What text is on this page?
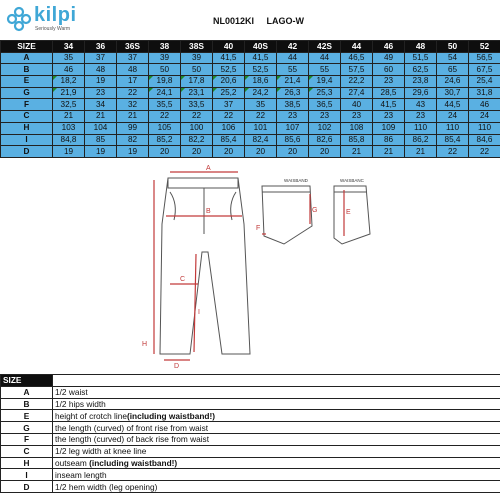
kilpi
Seriously Warm
NL0012KI LAGO-W
SIZE	34	36	36S	38	38S	40	40S	42	42S	44	46	48	50	52
A	35	37	37	39	39	41,5	41,5	44	44	46,5	49	51,5	54	56,5
B	46	48	48	50	50	52,5	52,5	55	55	57,5	60	62,5	65	67,5
E	18,2	19	17	19,8	17,8	20,6	18,6	21,4	19,4	22,2	23	23,8	24,6	25,4
G	21,9	23	22	24,1	23,1	25,2	24,2	26,3	25,3	27,4	28,5	29,6	30,7	31,8
F	32,5	34	32	35,5	33,5	37	35	38,5	36,5	40	41,5	43	44,5	46
C	21	21	21	22	22	22	22	23	23	23	23	23	24	24
H	103	104	99	105	100	106	101	107	102	108	109	110	110	110
I	84,8	85	82	85,2	82,2	85,4	82,4	85,6	82,6	85,8	86	86,2	85,4	84,6
D	19	19	19	20	20	20	20	20	20	21	21	21	22	22
A
B
C
D
H
I
E
F
G
WAISBAND	WAISBANC
SIZE	
A	1/2 waist
B	1/2 hips width
E	height of crotch line(including waistband!)
G	the length (curved) of front rise from waist
F	the length (curved) of back rise from waist
C	1/2 leg width at knee line
H	outseam (including waistband!)
I	inseam length
D	1/2 hem width (leg opening)
